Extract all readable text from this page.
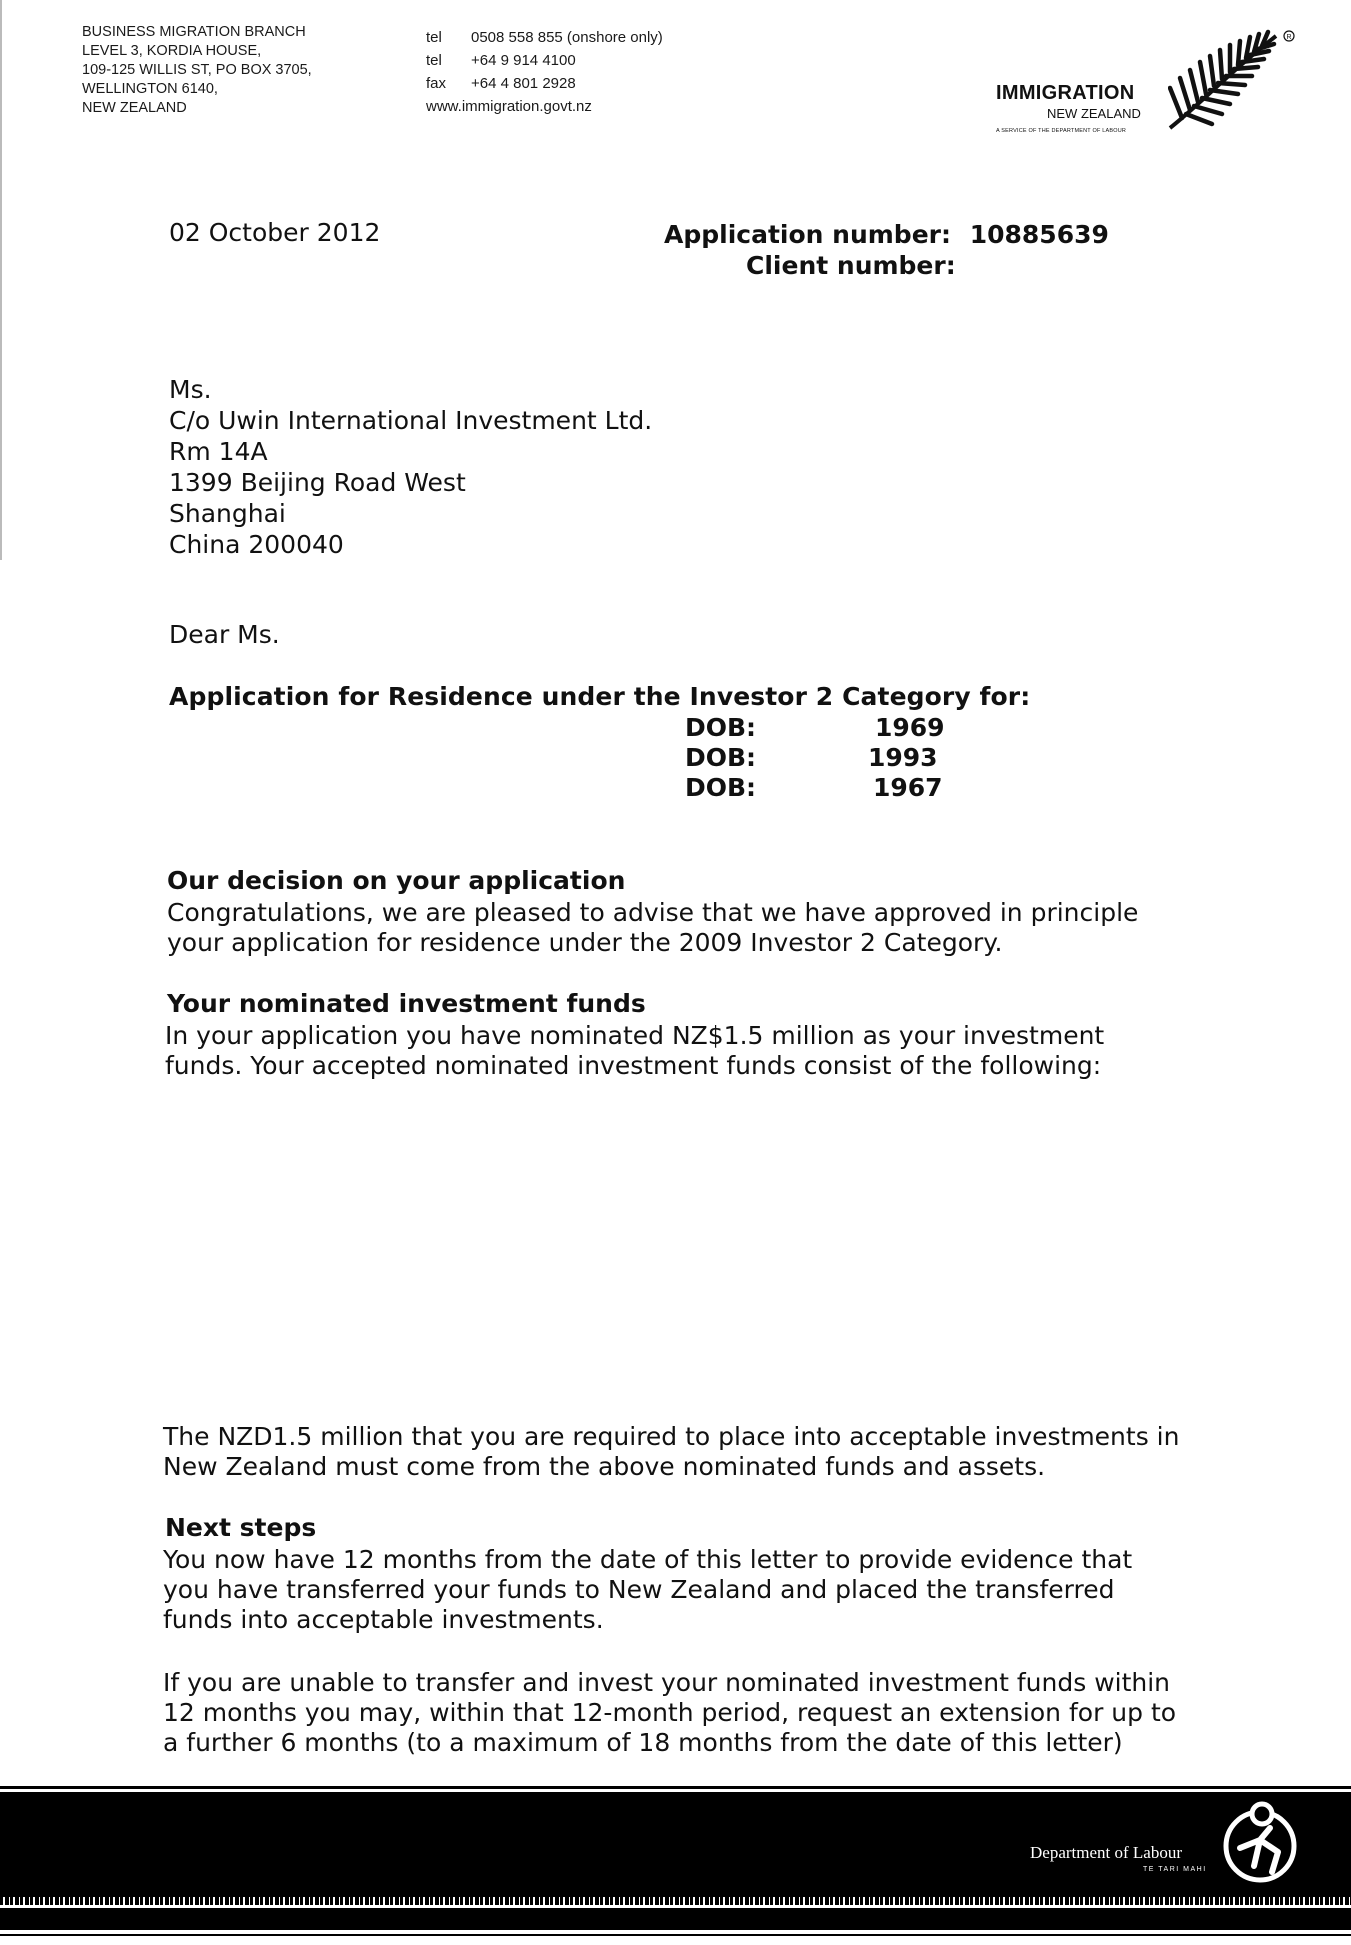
BUSINESS MIGRATION BRANCH
LEVEL 3, KORDIA HOUSE,
109-125 WILLIS ST, PO BOX 3705,
WELLINGTON 6140,
NEW ZEALAND
tel 0508 558 855 (onshore only)
tel +64 9 914 4100
fax +64 4 801 2928
www.immigration.govt.nz
R
IMMIGRATION
NEW ZEALAND
A SERVICE OF THE DEPARTMENT OF LABOUR
02 October 2012	Application number: 10885639
Client number:
Ms.
C/o Uwin International Investment Ltd.
Rm 14A
1399 Beijing Road West
Shanghai
China 200040
Dear Ms.
Application for Residence under the Investor 2 Category for:
DOB:	1969
DOB:	1993
DOB:	1967
Our decision on your application
Congratulations, we are pleased to advise that we have approved in principle
your application for residence under the 2009 Investor 2 Category.
Your nominated investment funds
In your application you have nominated NZ$1.5 million as your investment
funds. Your accepted nominated investment funds consist of the following:
The NZD1.5 million that you are required to place into acceptable investments in
New Zealand must come from the above nominated funds and assets.
Next steps
You now have 12 months from the date of this letter to provide evidence that
you have transferred your funds to New Zealand and placed the transferred
funds into acceptable investments.
If you are unable to transfer and invest your nominated investment funds within
12 months you may, within that 12-month period, request an extension for up to
a further 6 months (to a maximum of 18 months from the date of this letter)
Department of Labour
TE TARI MAHI
